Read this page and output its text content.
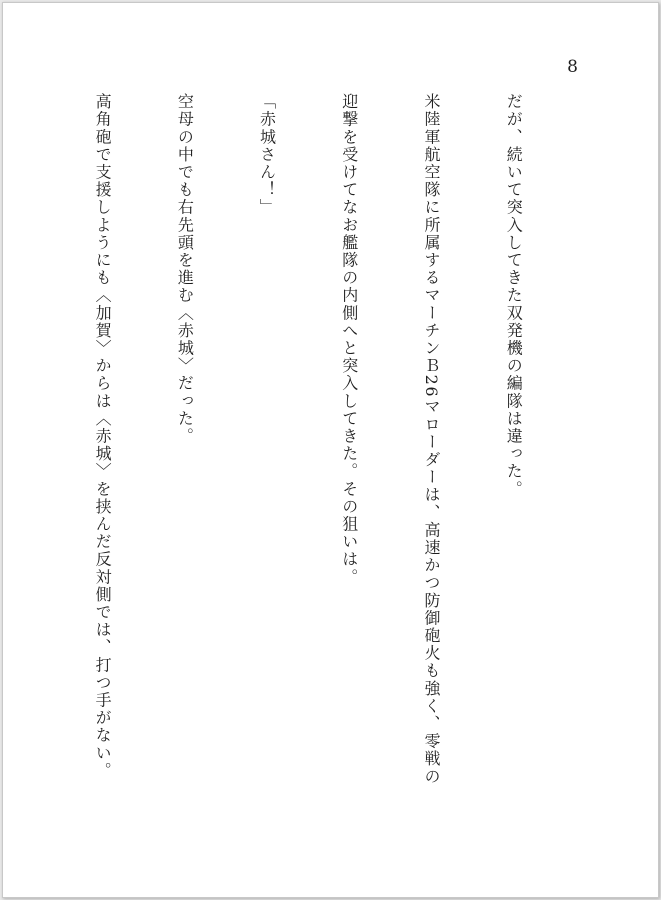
8

だが、続いて突入してきた双発機の編隊は違った。

米陸軍航空隊に所属するマーチンＢ26マローダーは、高速かつ防御砲火も強く、零戦の

迎撃を受けてなお艦隊の内側へと突入してきた。その狙いは。

「赤城さん！」

空母の中でも右先頭を進む〈赤城〉だった。

高角砲で支援しようにも〈加賀〉からは〈赤城〉を挟んだ反対側では、打つ手がない。
